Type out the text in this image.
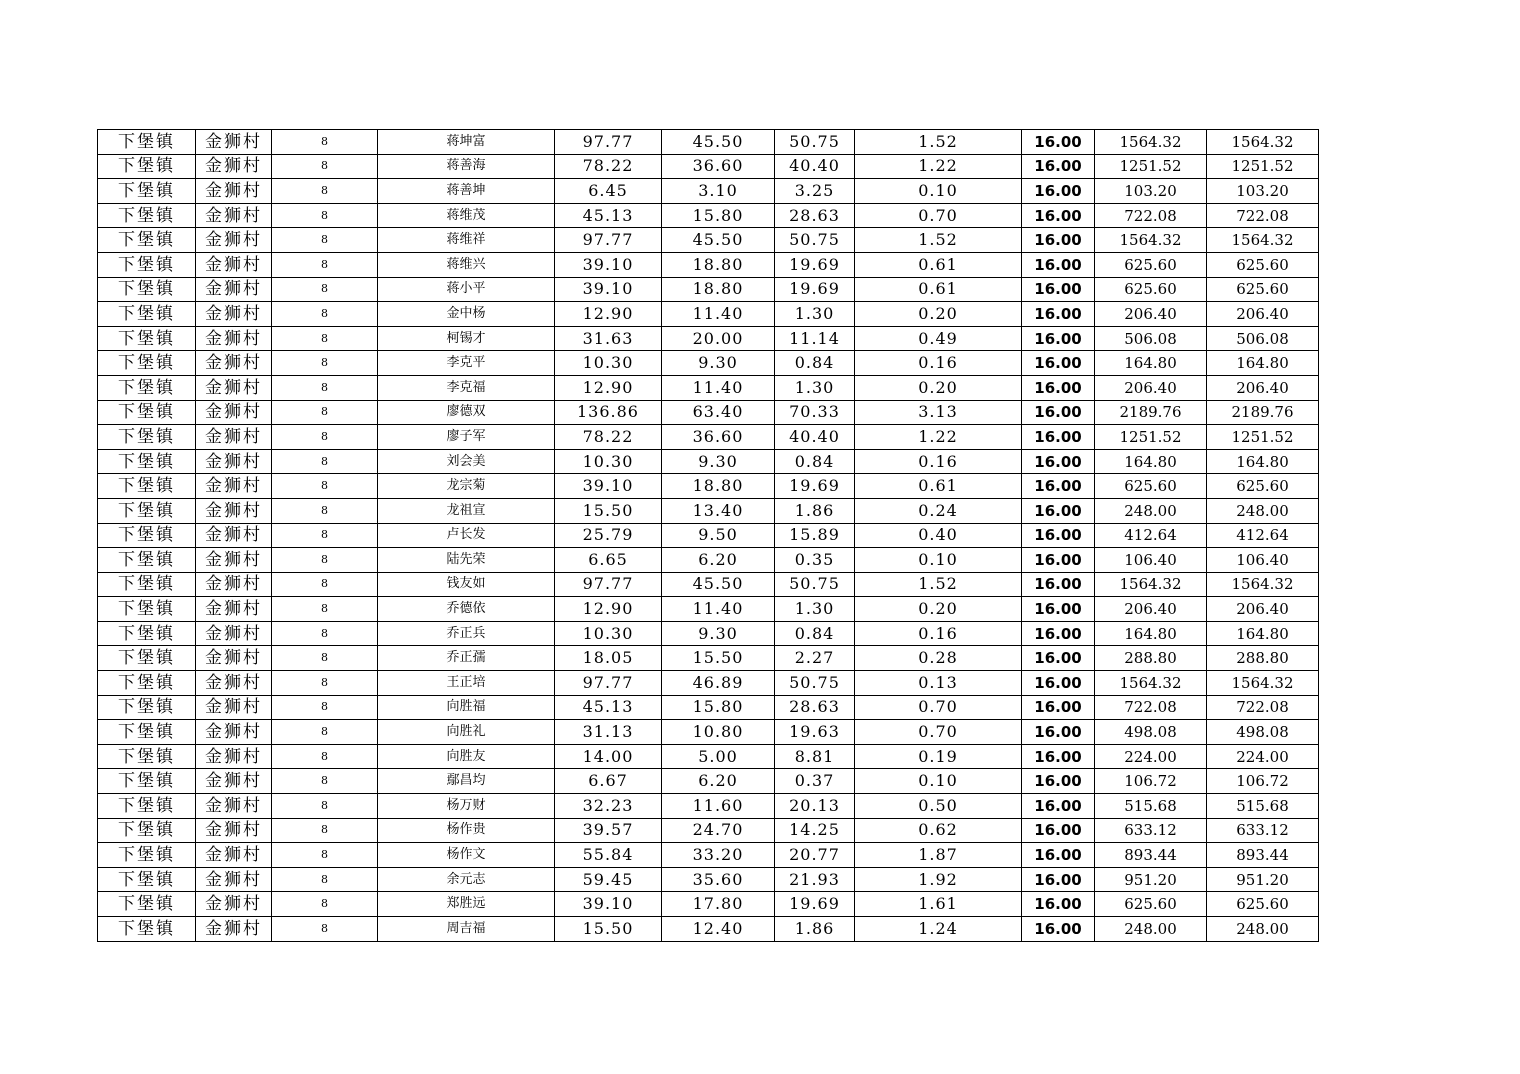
下堡镇	金狮村	8	蒋坤富	97.77	45.50	50.75	1.52	16.00	1564.32	1564.32
下堡镇	金狮村	8	蒋善海	78.22	36.60	40.40	1.22	16.00	1251.52	1251.52
下堡镇	金狮村	8	蒋善坤	6.45	3.10	3.25	0.10	16.00	103.20	103.20
下堡镇	金狮村	8	蒋维茂	45.13	15.80	28.63	0.70	16.00	722.08	722.08
下堡镇	金狮村	8	蒋维祥	97.77	45.50	50.75	1.52	16.00	1564.32	1564.32
下堡镇	金狮村	8	蒋维兴	39.10	18.80	19.69	0.61	16.00	625.60	625.60
下堡镇	金狮村	8	蒋小平	39.10	18.80	19.69	0.61	16.00	625.60	625.60
下堡镇	金狮村	8	金中杨	12.90	11.40	1.30	0.20	16.00	206.40	206.40
下堡镇	金狮村	8	柯锡才	31.63	20.00	11.14	0.49	16.00	506.08	506.08
下堡镇	金狮村	8	李克平	10.30	9.30	0.84	0.16	16.00	164.80	164.80
下堡镇	金狮村	8	李克福	12.90	11.40	1.30	0.20	16.00	206.40	206.40
下堡镇	金狮村	8	廖德双	136.86	63.40	70.33	3.13	16.00	2189.76	2189.76
下堡镇	金狮村	8	廖子军	78.22	36.60	40.40	1.22	16.00	1251.52	1251.52
下堡镇	金狮村	8	刘会美	10.30	9.30	0.84	0.16	16.00	164.80	164.80
下堡镇	金狮村	8	龙宗菊	39.10	18.80	19.69	0.61	16.00	625.60	625.60
下堡镇	金狮村	8	龙祖宣	15.50	13.40	1.86	0.24	16.00	248.00	248.00
下堡镇	金狮村	8	卢长发	25.79	9.50	15.89	0.40	16.00	412.64	412.64
下堡镇	金狮村	8	陆先荣	6.65	6.20	0.35	0.10	16.00	106.40	106.40
下堡镇	金狮村	8	钱友如	97.77	45.50	50.75	1.52	16.00	1564.32	1564.32
下堡镇	金狮村	8	乔德依	12.90	11.40	1.30	0.20	16.00	206.40	206.40
下堡镇	金狮村	8	乔正兵	10.30	9.30	0.84	0.16	16.00	164.80	164.80
下堡镇	金狮村	8	乔正孺	18.05	15.50	2.27	0.28	16.00	288.80	288.80
下堡镇	金狮村	8	王正培	97.77	46.89	50.75	0.13	16.00	1564.32	1564.32
下堡镇	金狮村	8	向胜福	45.13	15.80	28.63	0.70	16.00	722.08	722.08
下堡镇	金狮村	8	向胜礼	31.13	10.80	19.63	0.70	16.00	498.08	498.08
下堡镇	金狮村	8	向胜友	14.00	5.00	8.81	0.19	16.00	224.00	224.00
下堡镇	金狮村	8	鄢昌均	6.67	6.20	0.37	0.10	16.00	106.72	106.72
下堡镇	金狮村	8	杨万财	32.23	11.60	20.13	0.50	16.00	515.68	515.68
下堡镇	金狮村	8	杨作贵	39.57	24.70	14.25	0.62	16.00	633.12	633.12
下堡镇	金狮村	8	杨作文	55.84	33.20	20.77	1.87	16.00	893.44	893.44
下堡镇	金狮村	8	余元志	59.45	35.60	21.93	1.92	16.00	951.20	951.20
下堡镇	金狮村	8	郑胜远	39.10	17.80	19.69	1.61	16.00	625.60	625.60
下堡镇	金狮村	8	周吉福	15.50	12.40	1.86	1.24	16.00	248.00	248.00
